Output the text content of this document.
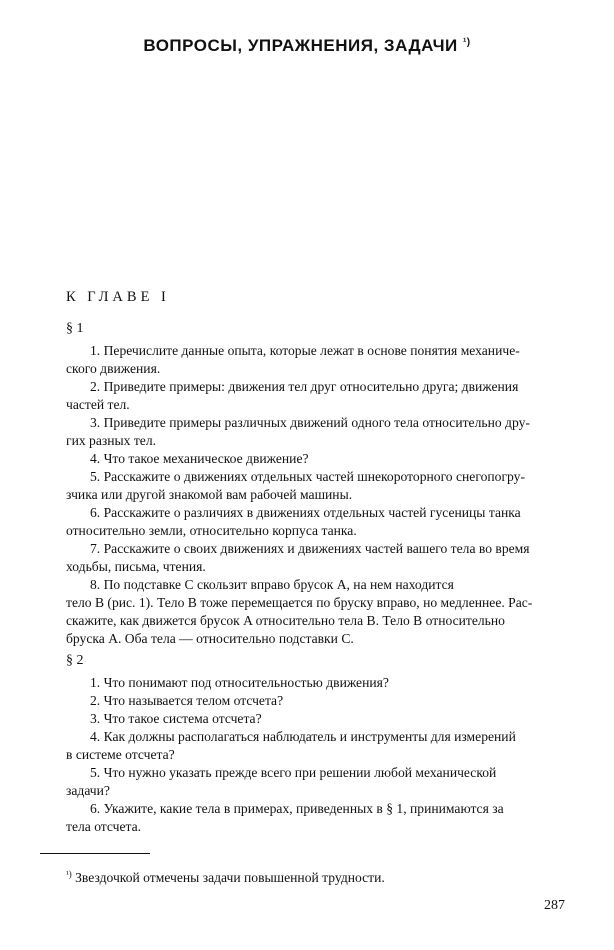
ВОПРОСЫ, УПРАЖНЕНИЯ, ЗАДАЧИ $^{^1)}$
К ГЛАВЕ I
§ 1

1. Перечислите данные опыта, которые лежат в основе понятия механиче-
ского движения.

2. Приведите примеры: движения тел друг относительно друга; движения
частей тел.

3. Приведите примеры различных движений одного тела относительно дру-
гих разных тел.

4. Что такое механическое движение?

5. Расскажите о движениях отдельных частей шнекороторного снегопогру-
зчика или другой знакомой вам рабочей машины.

6. Расскажите о различиях в движениях отдельных частей гусеницы танка
относительно земли, относительно корпуса танка.

7. Расскажите о своих движениях и движениях частей вашего тела во время
ходьбы, письма, чтения.

8. По подставке C скользит вправо брусок A, на нем находится
тело B (рис. 1). Тело B тоже перемещается по бруску вправо, но медленнее. Рас-
скажите, как движется брусок A относительно тела B. Тело B относительно
бруска A. Оба тела — относительно подставки C.

§ 2

1. Что понимают под относительностью движения?

2. Что называется телом отсчета?

3. Что такое система отсчета?

4. Как должны располагаться наблюдатель и инструменты для измерений
в системе отсчета?

5. Что нужно указать прежде всего при решении любой механической
задачи?

6. Укажите, какие тела в примерах, приведенных в § 1, принимаются за
тела отсчета.

$^{^1)}$ Звездочкой отмечены задачи повышенной трудности.

287
